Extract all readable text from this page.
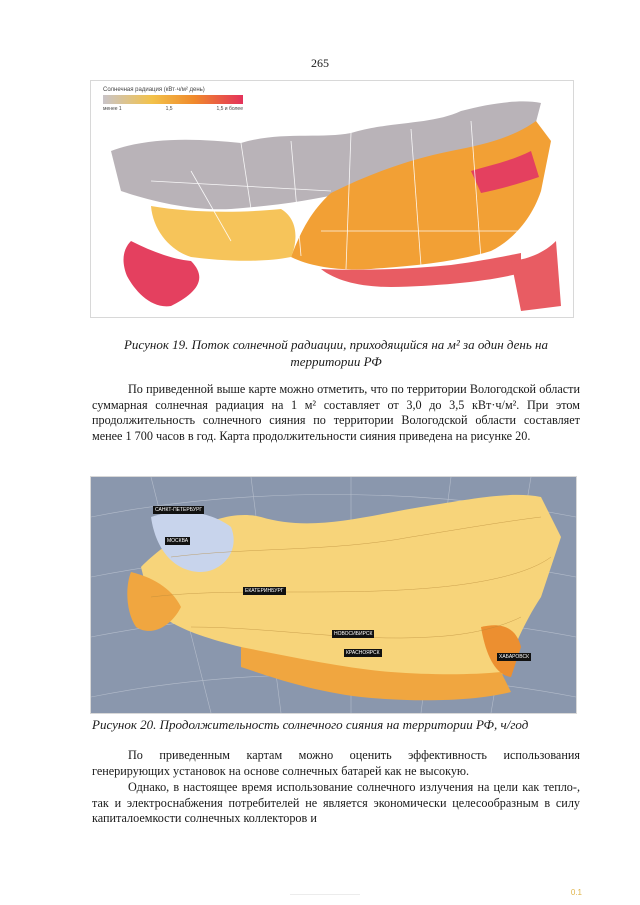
265
Солнечная радиация (кВт·ч/м² день)
менее 1	1,5	1,5 и более
Рисунок 19. Поток солнечной радиации, приходящийся на м² за один день на территории РФ
По приведенной выше карте можно отметить, что по территории Вологодской области суммарная солнечная радиация на 1 м² составляет от 3,0 до 3,5 кВт·ч/м². При этом продолжительность солнечного сияния по территории Вологодской области составляет менее 1 700 часов в год. Карта продолжительности сияния приведена на рисунке 20.
САНКТ-ПЕТЕРБУРГ
МОСКВА
ЕКАТЕРИНБУРГ
НОВОСИБИРСК
КРАСНОЯРСК
ХАБАРОВСК
Рисунок 20. Продолжительность солнечного сияния на территории РФ, ч/год
По приведенным картам можно оценить эффективность использования генерирующих установок на основе солнечных батарей как не высокую.
Однако, в настоящее время использование солнечного излучения на цели как тепло-, так и электроснабжения потребителей не является экономически целесообразным в силу капиталоемкости солнечных коллекторов и
0.1
